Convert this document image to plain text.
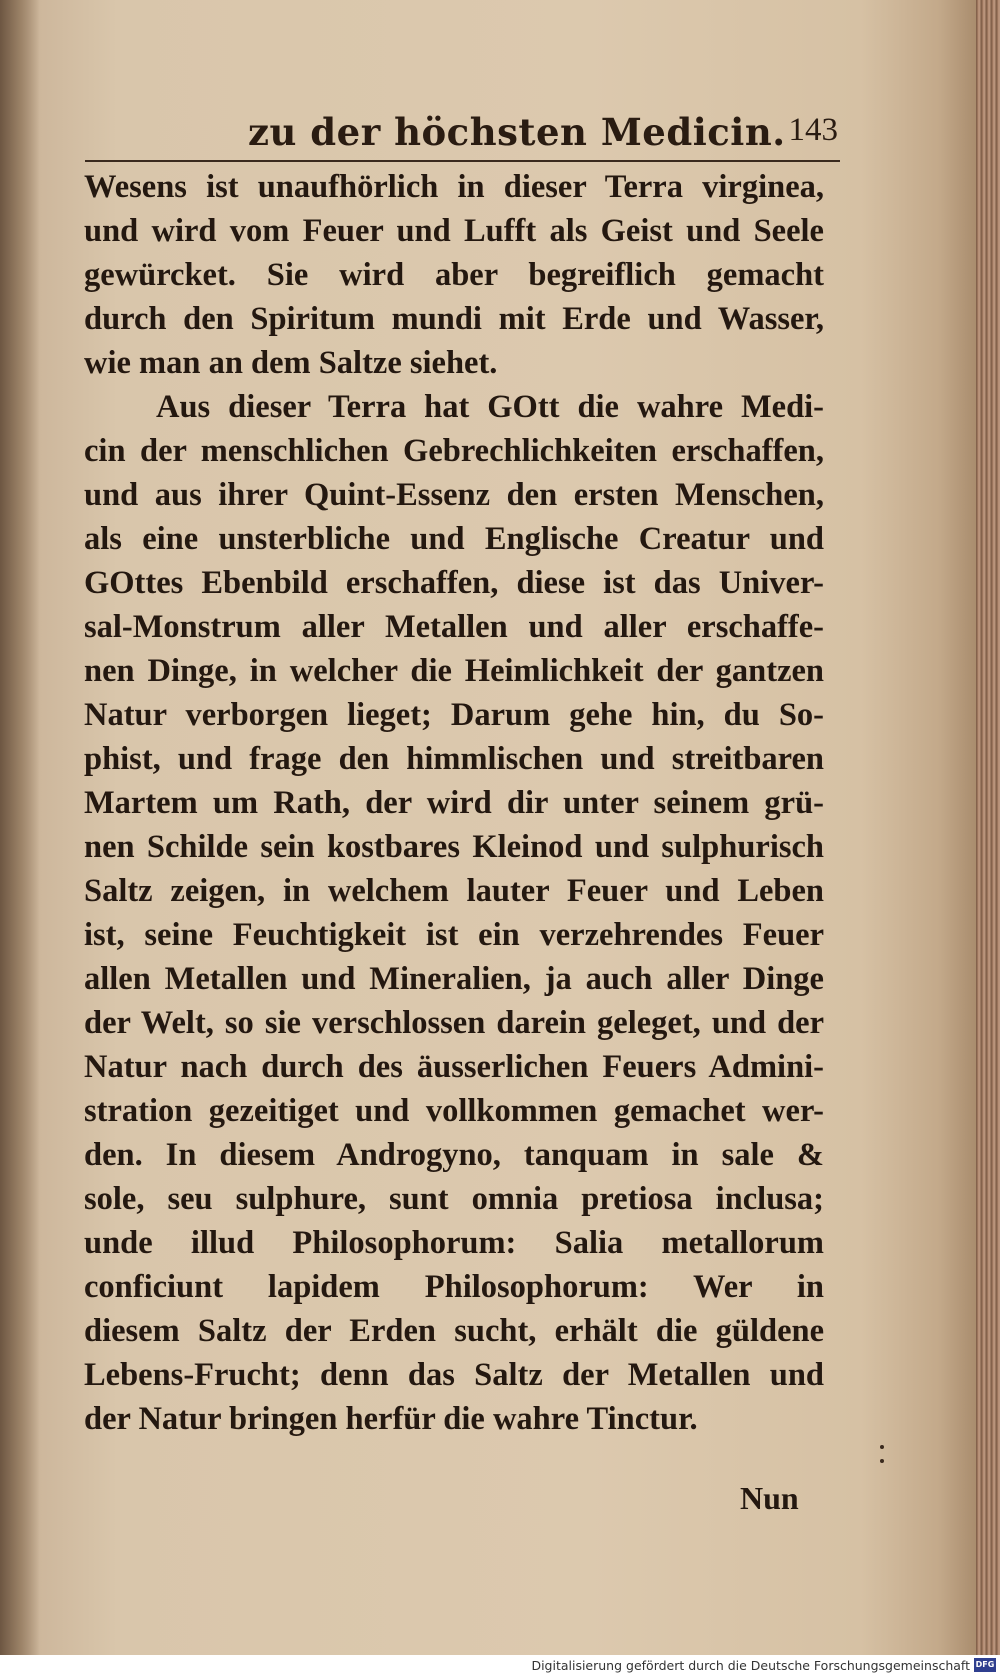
zu der höchsten Medicin. 143
Wesens ist unaufhörlich in dieser Terra virginea,
und wird vom Feuer und Lufft als Geist und Seele
gewürcket. Sie wird aber begreiflich gemacht
durch den Spiritum mundi mit Erde und Wasser,
wie man an dem Saltze siehet.
Aus dieser Terra hat GOtt die wahre Medi-
cin der menschlichen Gebrechlichkeiten erschaffen,
und aus ihrer Quint-Essenz den ersten Menschen,
als eine unsterbliche und Englische Creatur und
GOttes Ebenbild erschaffen, diese ist das Univer-
sal-Monstrum aller Metallen und aller erschaffe-
nen Dinge, in welcher die Heimlichkeit der gantzen
Natur verborgen lieget; Darum gehe hin, du So-
phist, und frage den himmlischen und streitbaren
Martem um Rath, der wird dir unter seinem grü-
nen Schilde sein kostbares Kleinod und sulphurisch
Saltz zeigen, in welchem lauter Feuer und Leben
ist, seine Feuchtigkeit ist ein verzehrendes Feuer
allen Metallen und Mineralien, ja auch aller Dinge
der Welt, so sie verschlossen darein geleget, und der
Natur nach durch des äusserlichen Feuers Admini-
stration gezeitiget und vollkommen gemachet wer-
den. In diesem Androgyno, tanquam in sale &
sole, seu sulphure, sunt omnia pretiosa inclusa;
unde illud Philosophorum: Salia metallorum
conficiunt lapidem Philosophorum: Wer in
diesem Saltz der Erden sucht, erhält die güldene
Lebens-Frucht; denn das Saltz der Metallen und
der Natur bringen herfür die wahre Tinctur.
Nun
Digitalisierung gefördert durch die Deutsche Forschungsgemeinschaft DFG
